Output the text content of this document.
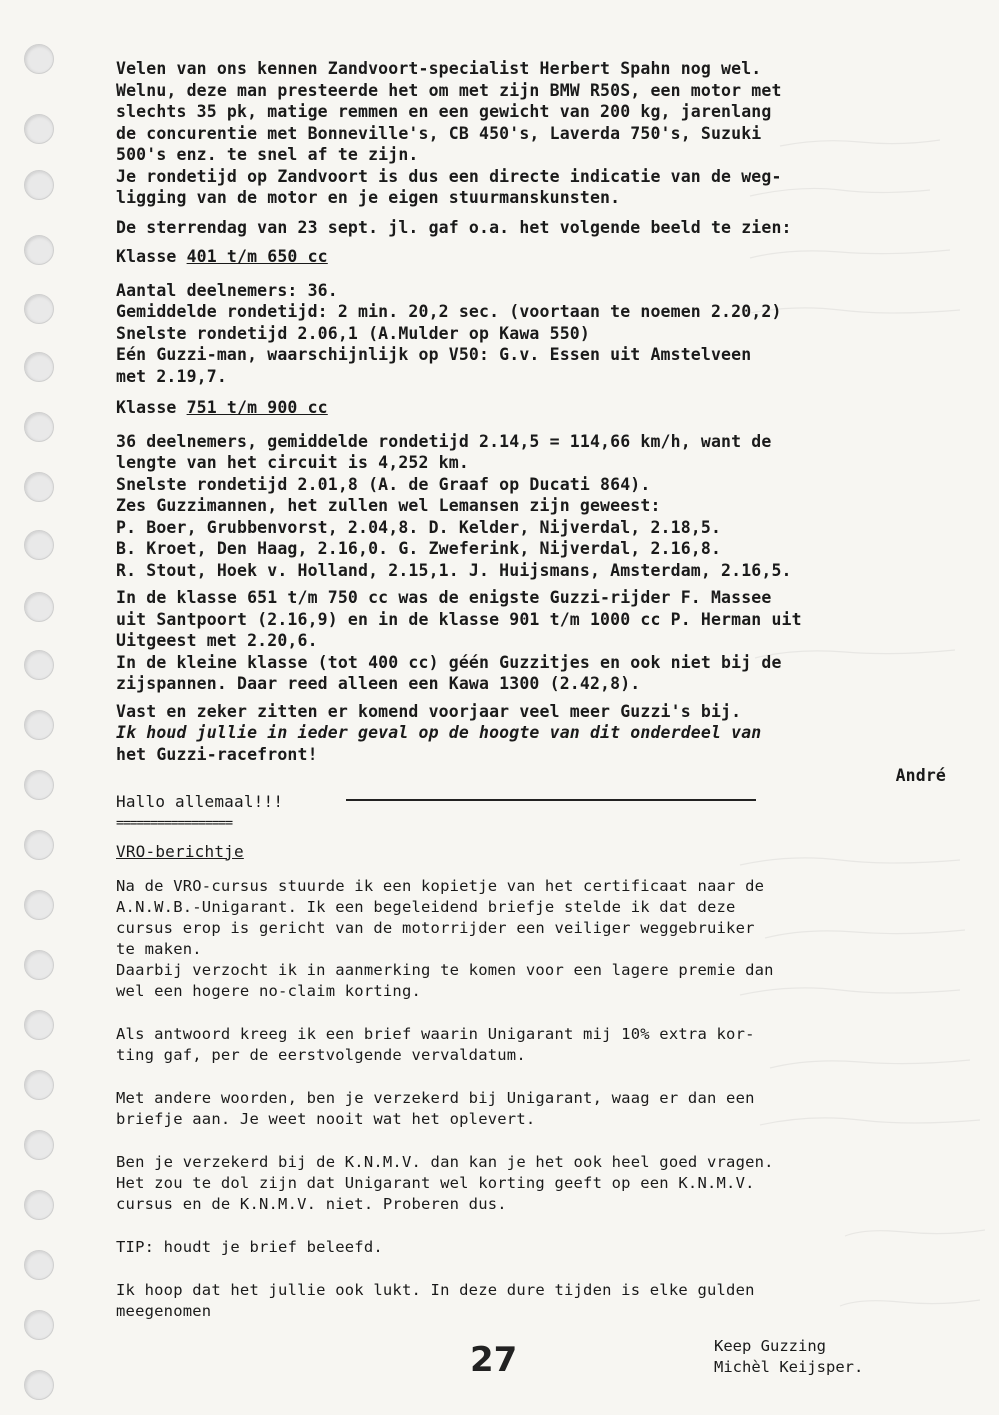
Velen van ons kennen Zandvoort-specialist Herbert Spahn nog wel.

Welnu, deze man presteerde het om met zijn BMW R50S, een motor met

slechts 35 pk, matige remmen en een gewicht van 200 kg, jarenlang

de concurentie met Bonneville's, CB 450's, Laverda 750's, Suzuki

500's enz. te snel af te zijn.

Je rondetijd op Zandvoort is dus een directe indicatie van de weg-

ligging van de motor en je eigen stuurmanskunsten.

De sterrendag van 23 sept. jl. gaf o.a. het volgende beeld te zien:

Klasse 401 t/m 650 cc

Aantal deelnemers: 36.

Gemiddelde rondetijd: 2 min. 20,2 sec. (voortaan te noemen 2.20,2)

Snelste rondetijd 2.06,1 (A.Mulder op Kawa 550)

Eén Guzzi-man, waarschijnlijk op V50: G.v. Essen uit Amstelveen

met 2.19,7.

Klasse 751 t/m 900 cc

36 deelnemers, gemiddelde rondetijd 2.14,5 = 114,66 km/h, want de

lengte van het circuit is 4,252 km.

Snelste rondetijd 2.01,8 (A. de Graaf op Ducati 864).

Zes Guzzimannen, het zullen wel Lemansen zijn geweest:

P. Boer, Grubbenvorst, 2.04,8. D. Kelder, Nijverdal, 2.18,5.

B. Kroet, Den Haag, 2.16,0. G. Zweferink, Nijverdal, 2.16,8.

R. Stout, Hoek v. Holland, 2.15,1. J. Huijsmans, Amsterdam, 2.16,5.

In de klasse 651 t/m 750 cc was de enigste Guzzi-rijder F. Massee

uit Santpoort (2.16,9) en in de klasse 901 t/m 1000 cc P. Herman uit

Uitgeest met 2.20,6.

In de kleine klasse (tot 400 cc) géén Guzzitjes en ook niet bij de

zijspannen. Daar reed alleen een Kawa 1300 (2.42,8).

Vast en zeker zitten er komend voorjaar veel meer Guzzi's bij.

Ik houd jullie in ieder geval op de hoogte van dit onderdeel van

het Guzzi-racefront!

André

Hallo allemaal!!!
=================
VRO-berichtje

Na de VRO-cursus stuurde ik een kopietje van het certificaat naar de

A.N.W.B.-Unigarant. Ik een begeleidend briefje stelde ik dat deze

cursus erop is gericht van de motorrijder een veiliger weggebruiker

te maken.

Daarbij verzocht ik in aanmerking te komen voor een lagere premie dan

wel een hogere no-claim korting.

Als antwoord kreeg ik een brief waarin Unigarant mij 10% extra kor-

ting gaf, per de eerstvolgende vervaldatum.

Met andere woorden, ben je verzekerd bij Unigarant, waag er dan een

briefje aan. Je weet nooit wat het oplevert.

Ben je verzekerd bij de K.N.M.V. dan kan je het ook heel goed vragen.

Het zou te dol zijn dat Unigarant wel korting geeft op een K.N.M.V.

cursus en de K.N.M.V. niet. Proberen dus.

TIP: houdt je brief beleefd.

Ik hoop dat het jullie ook lukt. In deze dure tijden is elke gulden

meegenomen

27	Keep Guzzing
Michèl Keijsper.
